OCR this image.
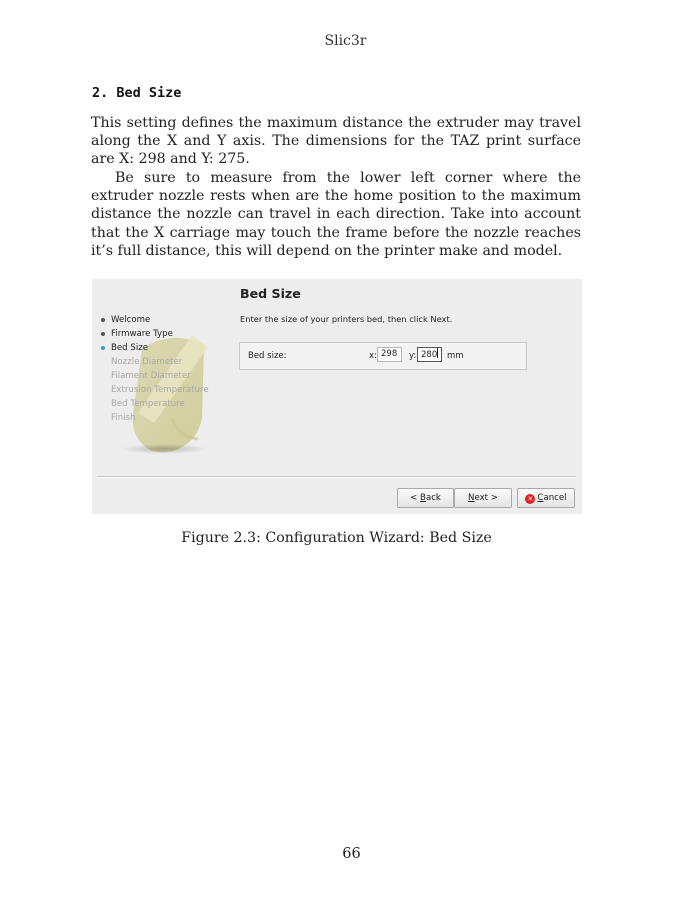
Slic3r
2. Bed Size

This setting defines the maximum distance the extruder may travel along the X and Y axis. The dimensions for the TAZ print surface are X: 298 and Y: 275.

Be sure to measure from the lower left corner where the extruder nozzle rests when are the home position to the maximum distance the nozzle can travel in each direction. Take into account that the X carriage may touch the frame before the nozzle reaches it’s full distance, this will depend on the printer make and model.

Welcome
Firmware Type
Bed Size
Nozzle Diameter
Filament Diameter
Extrusion Temperature
Bed Temperature
Finish
Bed Size
Enter the size of your printers bed, then click Next.
Bed size:	x: 298	y: 280	mm
< Back	Next >	✕ Cancel
Figure 2.3: Configuration Wizard: Bed Size
66
